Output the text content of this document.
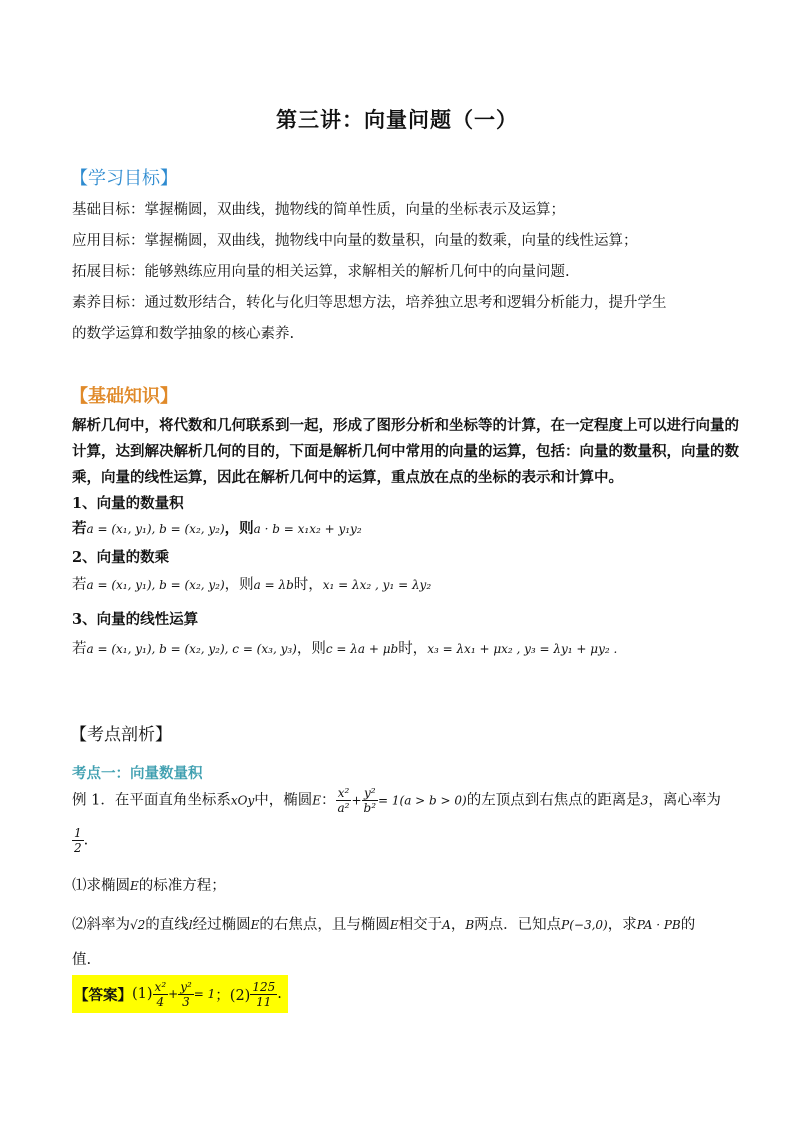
第三讲：向量问题（一）
【学习目标】
基础目标：掌握椭圆，双曲线，抛物线的简单性质，向量的坐标表示及运算；
应用目标：掌握椭圆，双曲线，抛物线中向量的数量积，向量的数乘，向量的线性运算；
拓展目标：能够熟练应用向量的相关运算，求解相关的解析几何中的向量问题.
素养目标：通过数形结合，转化与化归等思想方法，培养独立思考和逻辑分析能力，提升学生
的数学运算和数学抽象的核心素养.
【基础知识】
解析几何中，将代数和几何联系到一起，形成了图形分析和坐标等的计算，在一定程度上可以进行向量的
计算，达到解决解析几何的目的，下面是解析几何中常用的向量的运算，包括：向量的数量积，向量的数
乘，向量的线性运算，因此在解析几何中的运算，重点放在点的坐标的表示和计算中。
1、向量的数量积
若a = (x₁, y₁), b = (x₂, y₂)，则a · b = x₁x₂ + y₁y₂
2、向量的数乘
若a = (x₁, y₁), b = (x₂, y₂)，则a = λb时，x₁ = λx₂ , y₁ = λy₂
3、向量的线性运算
若a = (x₁, y₁), b = (x₂, y₂), c = (x₃, y₃)，则c = λa + μb时，x₃ = λx₁ + μx₂ , y₃ = λy₁ + μy₂ .
【考点剖析】
考点一：向量数量积
例 1．在平面直角坐标系xOy中，椭圆E： $\frac{\text{x²}}{\text{a²}} + \frac{\text{y²}}{\text{b²}} = 1(a > b > 0)$的左顶点到右焦点的距离是3，离心率为
$\frac{1}{2}$ .
⑴求椭圆E的标准方程；
⑵斜率为√2的直线l经过椭圆E的右焦点，且与椭圆E相交于A，B两点．已知点P(−3,0)，求PA · PB的
值.
【答案】 $(1) \frac{\text{x²}}{4} + \frac{\text{y²}}{3} = 1$ ；$(2) \frac{125}{11}$ .
